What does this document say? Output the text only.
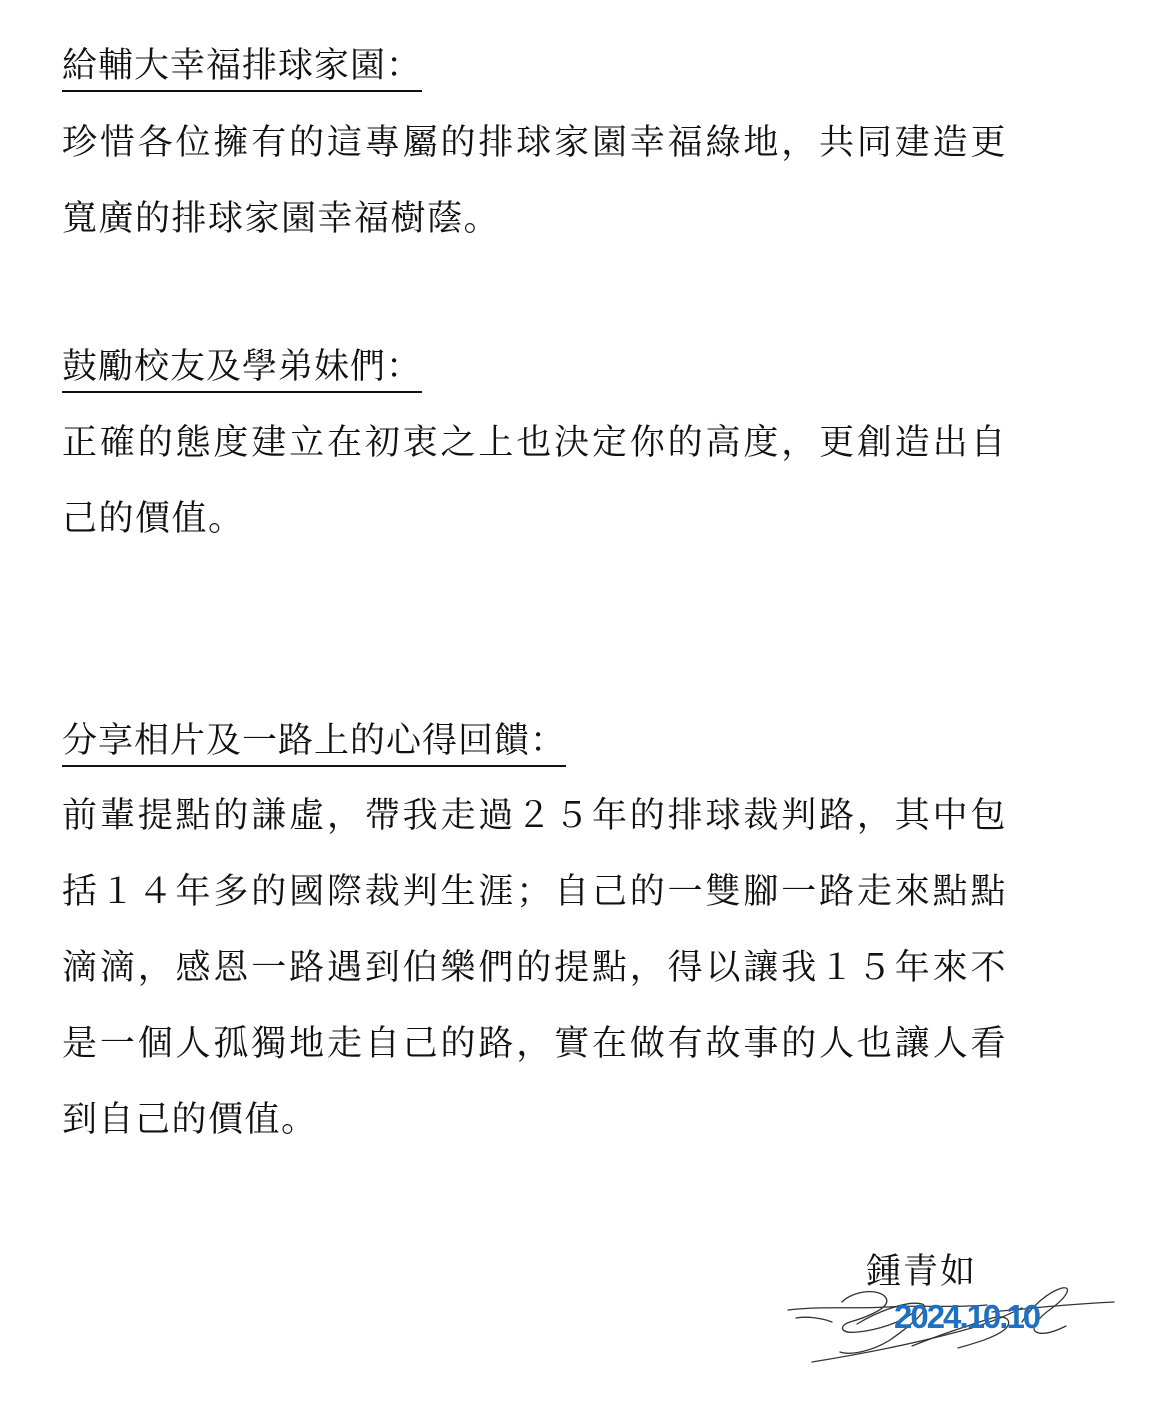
給輔大幸福排球家園：
珍惜各位擁有的這專屬的排球家園幸福綠地，共同建造更寬廣的排球家園幸福樹蔭。
鼓勵校友及學弟妹們：
正確的態度建立在初衷之上也決定你的高度，更創造出自己的價值。
分享相片及一路上的心得回饋：
前輩提點的謙虛，帶我走過２５年的排球裁判路，其中包括１４年多的國際裁判生涯；自己的一雙腳一路走來點點滴滴，感恩一路遇到伯樂們的提點，得以讓我１５年來不是一個人孤獨地走自己的路，實在做有故事的人也讓人看到自己的價值。
鍾青如
2024.10.10
